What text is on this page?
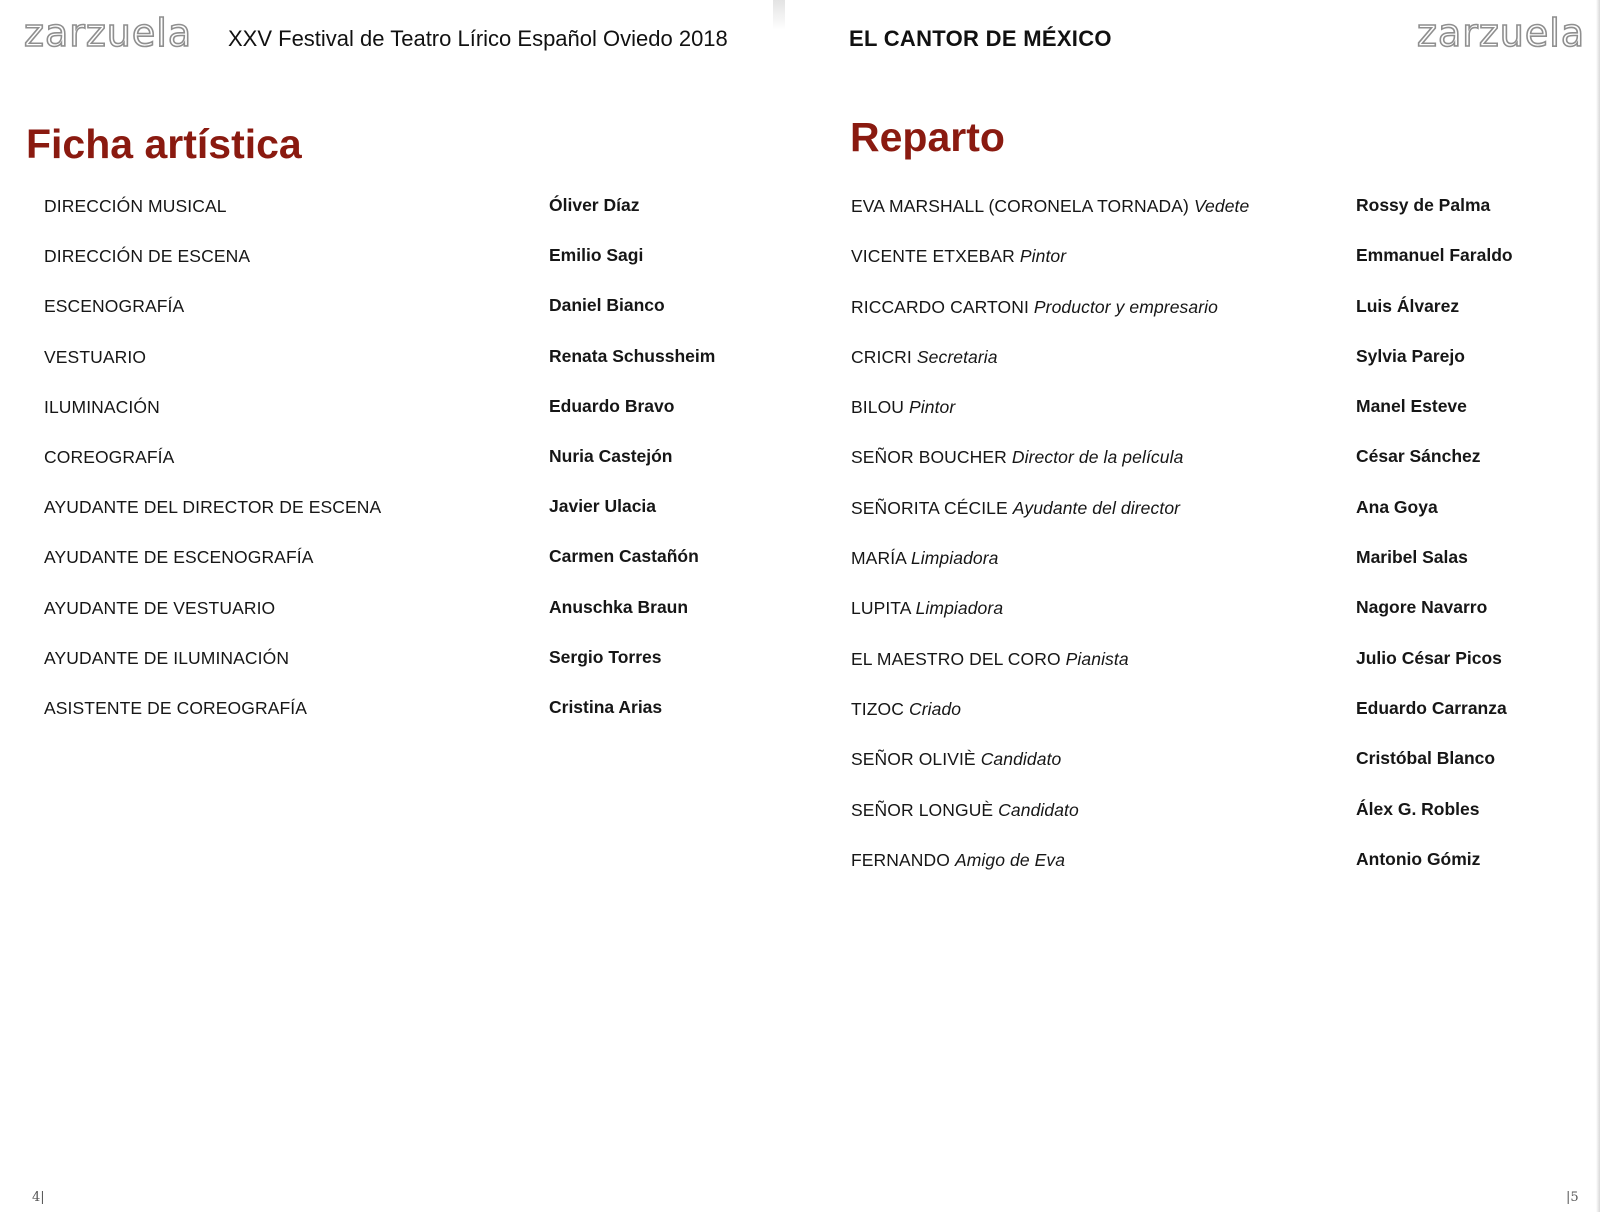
zarzuela XXV Festival de Teatro Lírico Español Oviedo 2018
Ficha artística
DIRECCIÓN MUSICAL	Óliver Díaz
DIRECCIÓN DE ESCENA	Emilio Sagi
ESCENOGRAFÍA	Daniel Bianco
VESTUARIO	Renata Schussheim
ILUMINACIÓN	Eduardo Bravo
COREOGRAFÍA	Nuria Castejón
AYUDANTE DEL DIRECTOR DE ESCENA	Javier Ulacia
AYUDANTE DE ESCENOGRAFÍA	Carmen Castañón
AYUDANTE DE VESTUARIO	Anuschka Braun
AYUDANTE DE ILUMINACIÓN	Sergio Torres
ASISTENTE DE COREOGRAFÍA	Cristina Arias
4|
EL CANTOR DE MÉXICO	zarzuela
Reparto
EVA MARSHALL (CORONELA TORNADA) Vedete	Rossy de Palma
VICENTE ETXEBAR Pintor	Emmanuel Faraldo
RICCARDO CARTONI Productor y empresario	Luis Álvarez
CRICRI Secretaria	Sylvia Parejo
BILOU Pintor	Manel Esteve
SEÑOR BOUCHER Director de la película	César Sánchez
SEÑORITA CÉCILE Ayudante del director	Ana Goya
MARÍA Limpiadora	Maribel Salas
LUPITA Limpiadora	Nagore Navarro
EL MAESTRO DEL CORO Pianista	Julio César Picos
TIZOC Criado	Eduardo Carranza
SEÑOR OLIVIÈ Candidato	Cristóbal Blanco
SEÑOR LONGUÈ Candidato	Álex G. Robles
FERNANDO Amigo de Eva	Antonio Gómiz
|5
